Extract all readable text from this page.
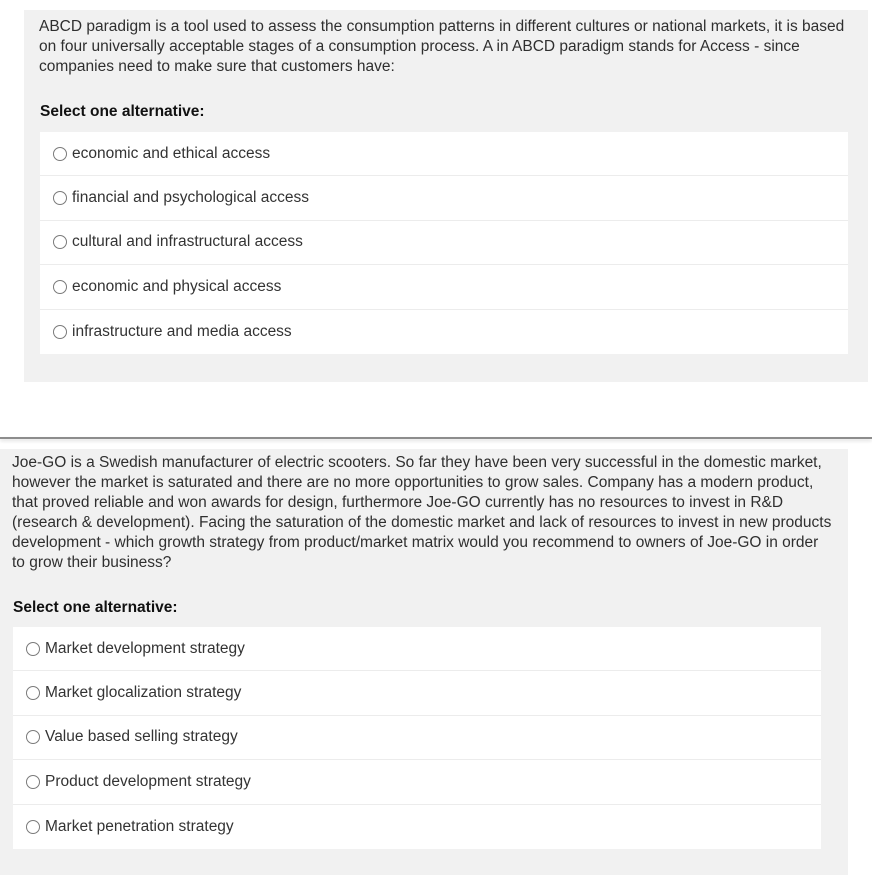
ABCD paradigm is a tool used to assess the consumption patterns in different cultures or national markets, it is based on four universally acceptable stages of a consumption process. A in ABCD paradigm stands for Access - since companies need to make sure that customers have:
Select one alternative:
economic and ethical access
financial and psychological access
cultural and infrastructural access
economic and physical access
infrastructure and media access
Joe-GO is a Swedish manufacturer of electric scooters. So far they have been very successful in the domestic market, however the market is saturated and there are no more opportunities to grow sales. Company has a modern product, that proved reliable and won awards for design, furthermore Joe-GO currently has no resources to invest in R&D (research & development). Facing the saturation of the domestic market and lack of resources to invest in new products development - which growth strategy from product/market matrix would you recommend to owners of Joe-GO in order to grow their business?
Select one alternative:
Market development strategy
Market glocalization strategy
Value based selling strategy
Product development strategy
Market penetration strategy
